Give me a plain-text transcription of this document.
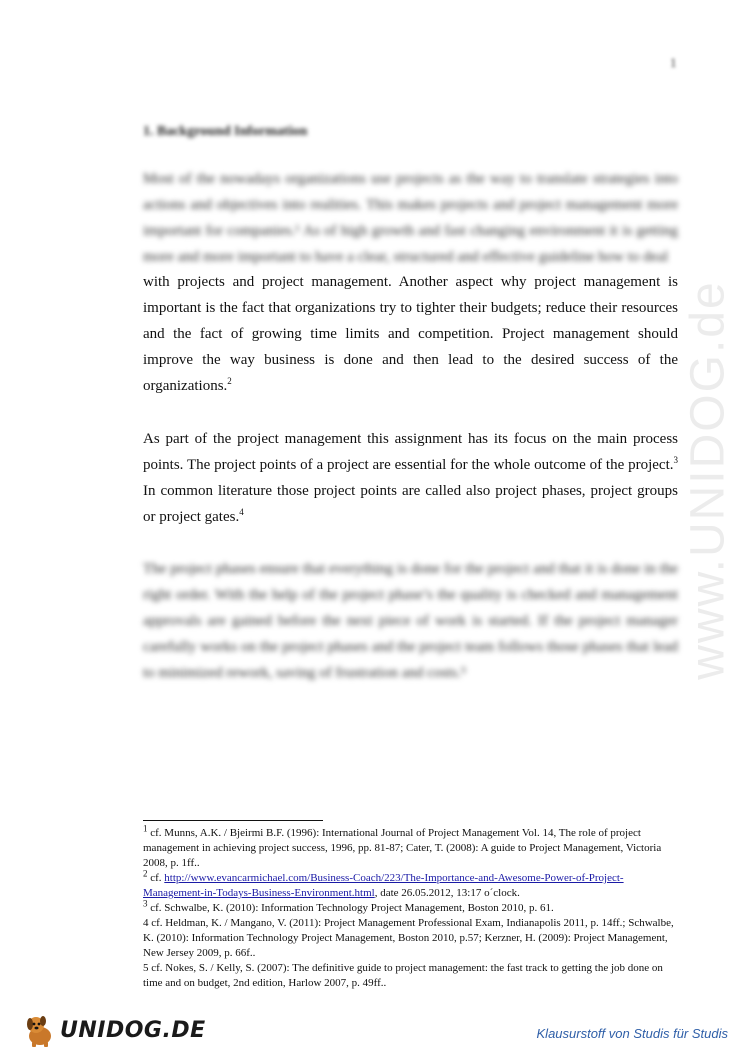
1
1. Background Information

Most of the nowadays organizations use projects as the way to translate strategies into actions and objectives into realities. This makes projects and project management more important for companies.¹ As of high growth and fast changing environment it is getting more and more important to have a clear, structured and effective guideline how to deal

with projects and project management. Another aspect why project management is important is the fact that organizations try to tighter their budgets; reduce their resources and the fact of growing time limits and competition. Project management should improve the way business is done and then lead to the desired success of the organizations.$^2$

As part of the project management this assignment has its focus on the main process points. The project points of a project are essential for the whole outcome of the project.$^3$ In common literature those project points are called also project phases, project groups or project gates.$^4$

The project phases ensure that everything is done for the project and that it is done in the right order. With the help of the project phase’s the quality is checked and management approvals are gained before the next piece of work is started. If the project manager carefully works on the project phases and the project team follows those phases that lead to minimized rework, saving of frustration and costs.⁵	www.UNIDOG.de

$^1$ cf. Munns, A.K. / Bjeirmi B.F. (1996): International Journal of Project Management Vol. 14, The role of project management in achieving project success, 1996, pp. 81-87; Cater, T. (2008): A guide to Project Management, Victoria 2008, p. 1ff..

$^2$ cf. http://www.evancarmichael.com/Business-Coach/223/The-Importance-and-Awesome-Power-of-Project-Management-in-Todays-Business-Environment.html, date 26.05.2012, 13:17 o´clock.

$^3$ cf. Schwalbe, K. (2010): Information Technology Project Management, Boston 2010, p. 61.

4 cf. Heldman, K. / Mangano, V. (2011): Project Management Professional Exam, Indianapolis 2011, p. 14ff.; Schwalbe, K. (2010): Information Technology Project Management, Boston 2010, p.57; Kerzner, H. (2009): Project Management, New Jersey 2009, p. 66f..

5 cf. Nokes, S. / Kelly, S. (2007): The definitive guide to project management: the fast track to getting the job done on time and on budget, 2nd edition, Harlow 2007, p. 49ff..

UNIDOG.DE	Klausurstoff von Studis für Studis
